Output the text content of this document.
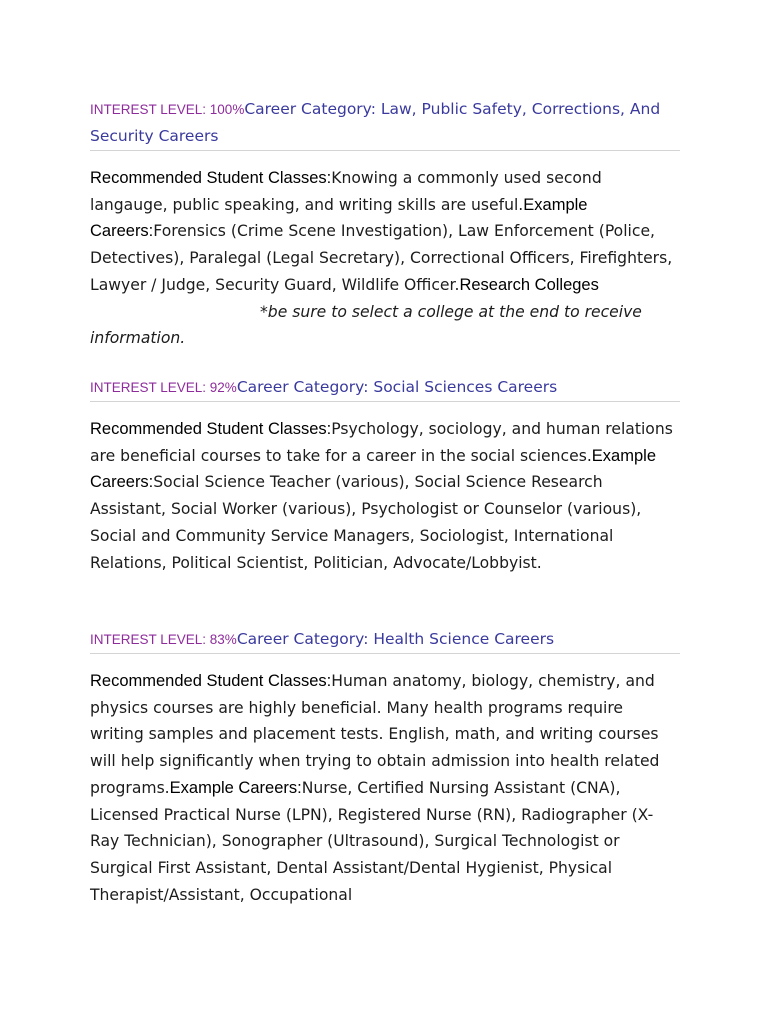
INTEREST LEVEL: 100%Career Category: Law, Public Safety, Corrections, And Security Careers
Recommended Student Classes:Knowing a commonly used second langauge, public speaking, and writing skills are useful.Example Careers:Forensics (Crime Scene Investigation), Law Enforcement (Police, Detectives), Paralegal (Legal Secretary), Correctional Officers, Firefighters, Lawyer / Judge, Security Guard, Wildlife Officer.Research Colleges*be sure to select a college at the end to receive information.
INTEREST LEVEL: 92%Career Category: Social Sciences Careers
Recommended Student Classes:Psychology, sociology, and human relations are beneficial courses to take for a career in the social sciences.Example Careers:Social Science Teacher (various), Social Science Research Assistant, Social Worker (various), Psychologist or Counselor (various), Social and Community Service Managers, Sociologist, International Relations, Political Scientist, Politician, Advocate/Lobbyist.
INTEREST LEVEL: 83%Career Category: Health Science Careers
Recommended Student Classes:Human anatomy, biology, chemistry, and physics courses are highly beneficial. Many health programs require writing samples and placement tests. English, math, and writing courses will help significantly when trying to obtain admission into health related programs.Example Careers:Nurse, Certified Nursing Assistant (CNA), Licensed Practical Nurse (LPN), Registered Nurse (RN), Radiographer (X-Ray Technician), Sonographer (Ultrasound), Surgical Technologist or Surgical First Assistant, Dental Assistant/Dental Hygienist, Physical Therapist/Assistant, Occupational
